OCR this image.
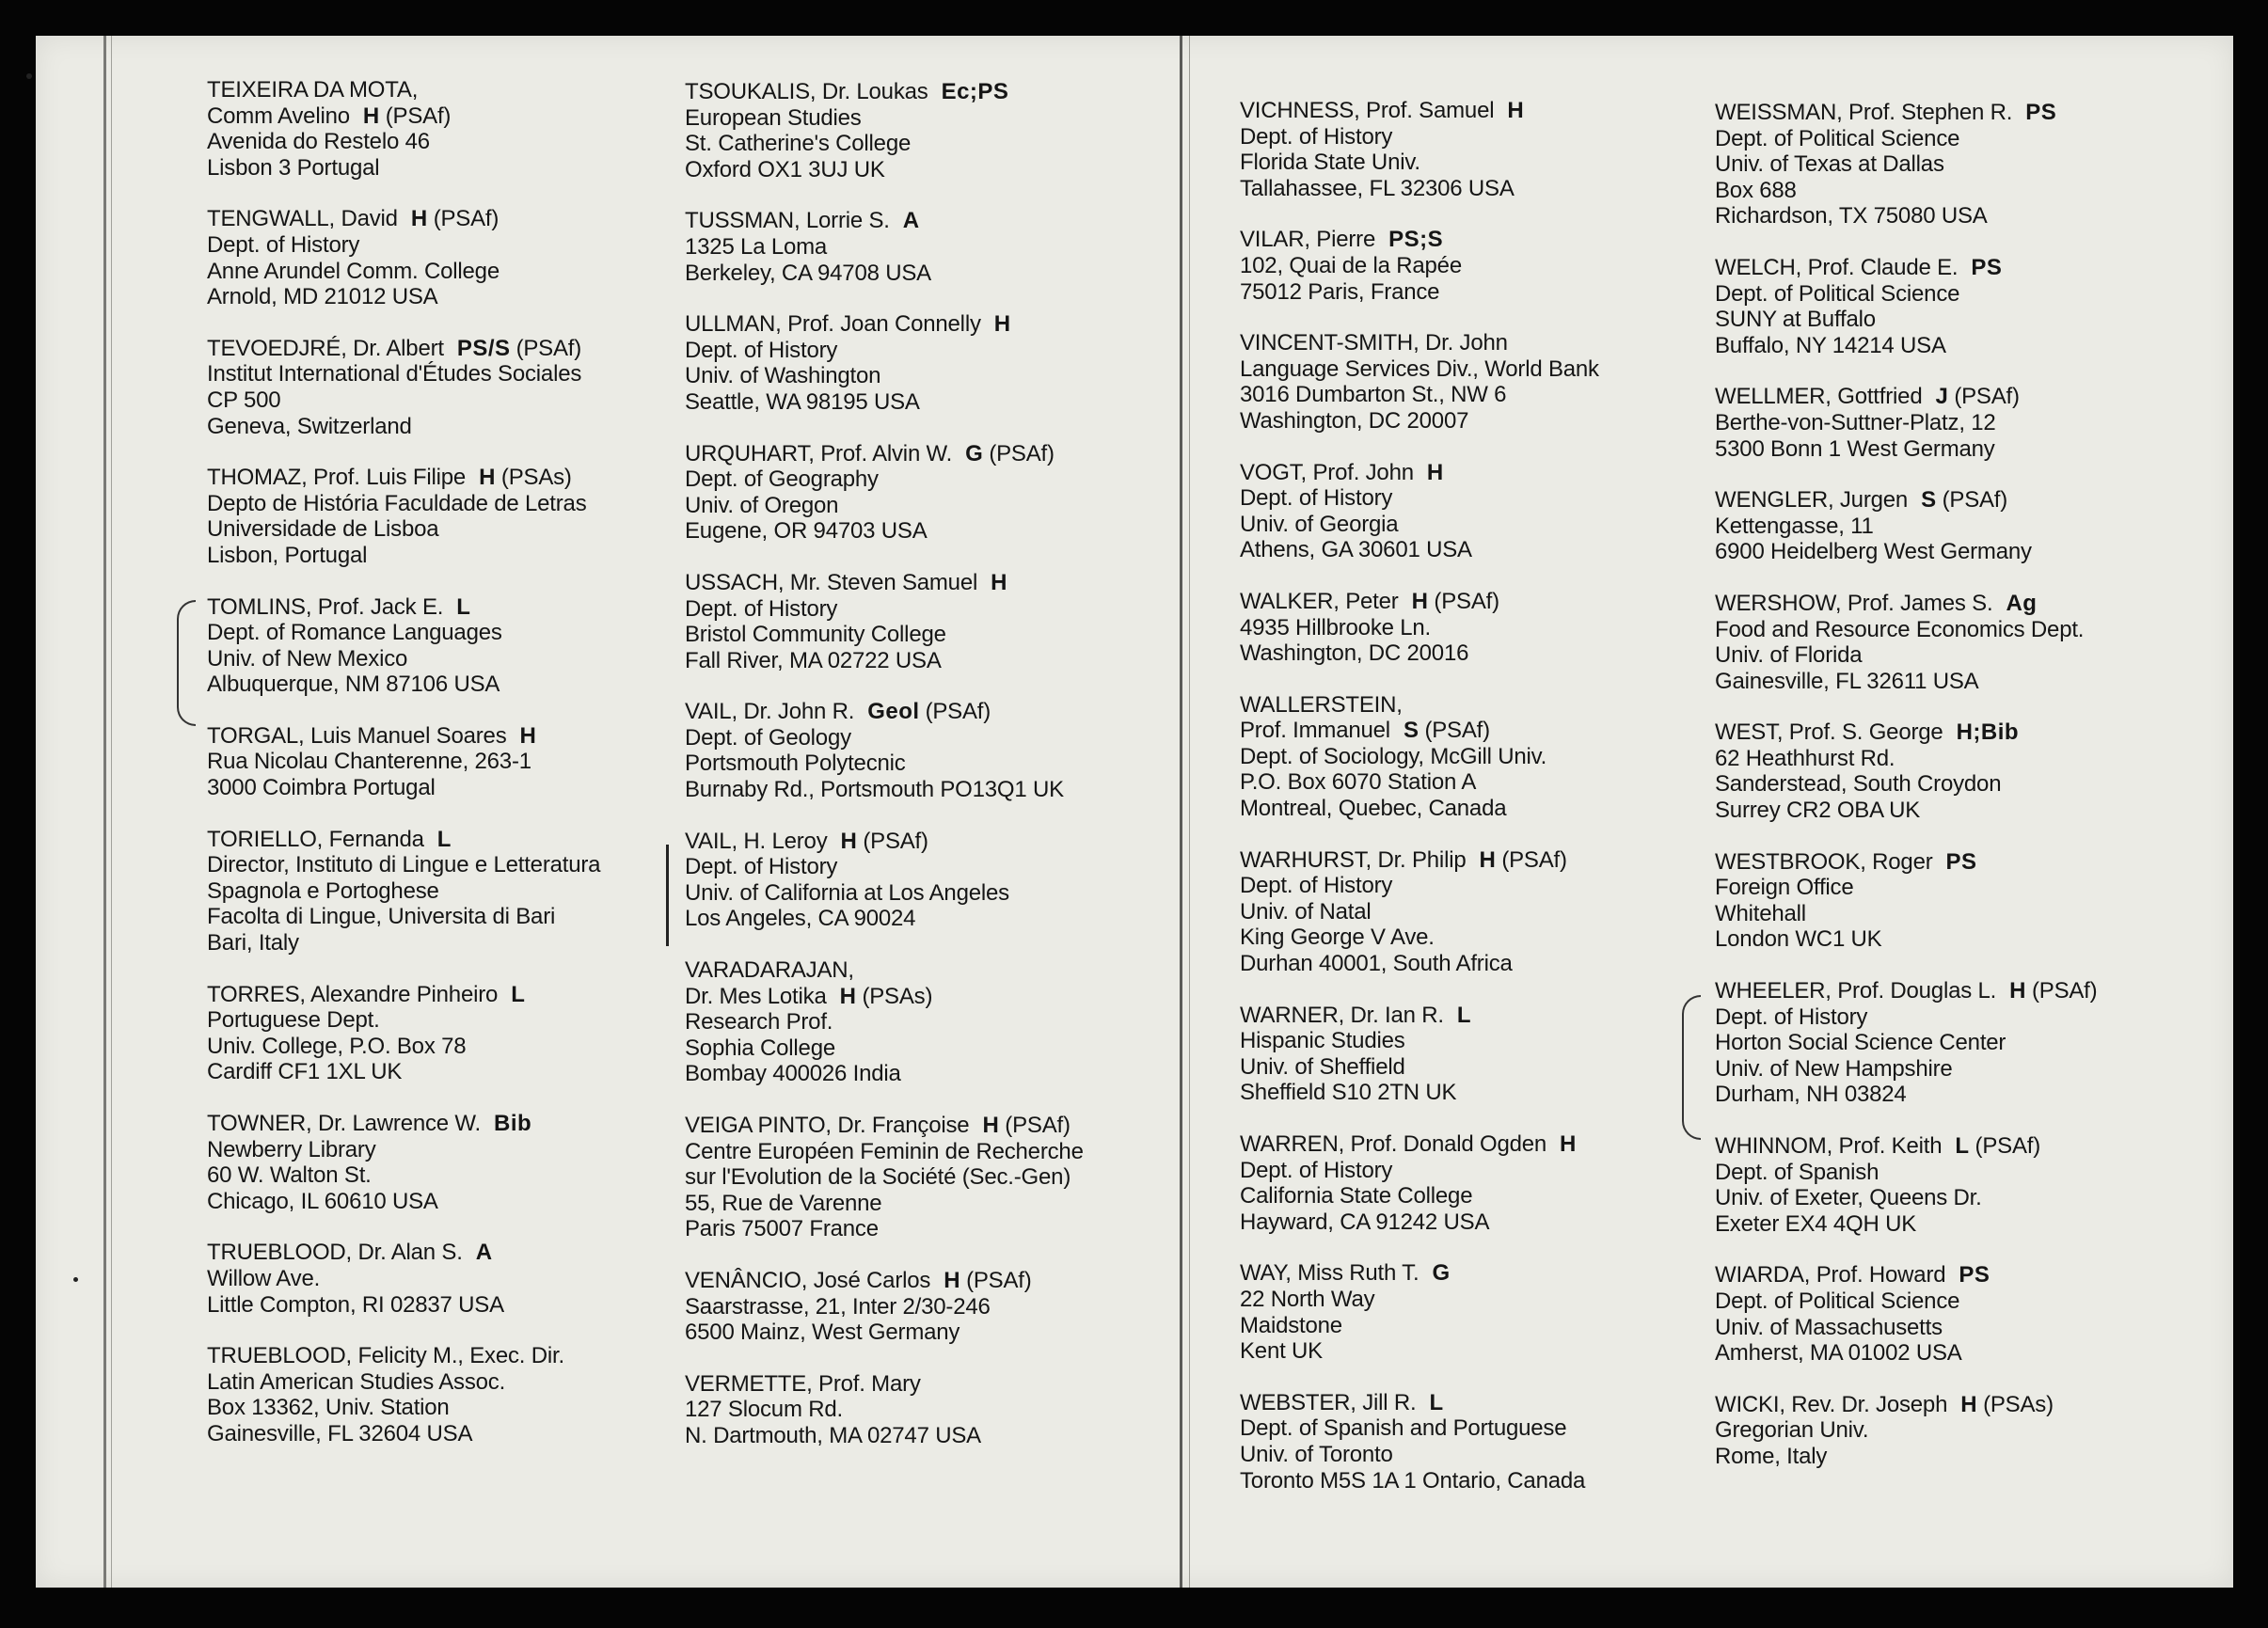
TEIXEIRA DA MOTA,
Comm Avelino H (PSAf)
Avenida do Restelo 46
Lisbon 3 Portugal
TENGWALL, David H (PSAf)
Dept. of History
Anne Arundel Comm. College
Arnold, MD 21012 USA
TEVOEDJRÉ, Dr. Albert PS/S (PSAf)
Institut International d'Études Sociales
CP 500
Geneva, Switzerland
THOMAZ, Prof. Luis Filipe H (PSAs)
Depto de História Faculdade de Letras
Universidade de Lisboa
Lisbon, Portugal
TOMLINS, Prof. Jack E. L
Dept. of Romance Languages
Univ. of New Mexico
Albuquerque, NM 87106 USA
TORGAL, Luis Manuel Soares H
Rua Nicolau Chanterenne, 263-1
3000 Coimbra Portugal
TORIELLO, Fernanda L
Director, Instituto di Lingue e Letteratura
Spagnola e Portoghese
Facolta di Lingue, Universita di Bari
Bari, Italy
TORRES, Alexandre Pinheiro L
Portuguese Dept.
Univ. College, P.O. Box 78
Cardiff CF1 1XL UK
TOWNER, Dr. Lawrence W. Bib
Newberry Library
60 W. Walton St.
Chicago, IL 60610 USA
TRUEBLOOD, Dr. Alan S. A
Willow Ave.
Little Compton, RI 02837 USA
TRUEBLOOD, Felicity M., Exec. Dir.
Latin American Studies Assoc.
Box 13362, Univ. Station
Gainesville, FL 32604 USA
TSOUKALIS, Dr. Loukas Ec;PS
European Studies
St. Catherine's College
Oxford OX1 3UJ UK
TUSSMAN, Lorrie S. A
1325 La Loma
Berkeley, CA 94708 USA
ULLMAN, Prof. Joan Connelly H
Dept. of History
Univ. of Washington
Seattle, WA 98195 USA
URQUHART, Prof. Alvin W. G (PSAf)
Dept. of Geography
Univ. of Oregon
Eugene, OR 94703 USA
USSACH, Mr. Steven Samuel H
Dept. of History
Bristol Community College
Fall River, MA 02722 USA
VAIL, Dr. John R. Geol (PSAf)
Dept. of Geology
Portsmouth Polytecnic
Burnaby Rd., Portsmouth PO13Q1 UK
VAIL, H. Leroy H (PSAf)
Dept. of History
Univ. of California at Los Angeles
Los Angeles, CA 90024
VARADARAJAN,
Dr. Mes Lotika H (PSAs)
Research Prof.
Sophia College
Bombay 400026 India
VEIGA PINTO, Dr. Françoise H (PSAf)
Centre Européen Feminin de Recherche
sur l'Evolution de la Société (Sec.-Gen)
55, Rue de Varenne
Paris 75007 France
VENÂNCIO, José Carlos H (PSAf)
Saarstrasse, 21, Inter 2/30-246
6500 Mainz, West Germany
VERMETTE, Prof. Mary
127 Slocum Rd.
N. Dartmouth, MA 02747 USA
VICHNESS, Prof. Samuel H
Dept. of History
Florida State Univ.
Tallahassee, FL 32306 USA
VILAR, Pierre PS;S
102, Quai de la Rapée
75012 Paris, France
VINCENT-SMITH, Dr. John
Language Services Div., World Bank
3016 Dumbarton St., NW 6
Washington, DC 20007
VOGT, Prof. John H
Dept. of History
Univ. of Georgia
Athens, GA 30601 USA
WALKER, Peter H (PSAf)
4935 Hillbrooke Ln.
Washington, DC 20016
WALLERSTEIN,
Prof. Immanuel S (PSAf)
Dept. of Sociology, McGill Univ.
P.O. Box 6070 Station A
Montreal, Quebec, Canada
WARHURST, Dr. Philip H (PSAf)
Dept. of History
Univ. of Natal
King George V Ave.
Durhan 40001, South Africa
WARNER, Dr. Ian R. L
Hispanic Studies
Univ. of Sheffield
Sheffield S10 2TN UK
WARREN, Prof. Donald Ogden H
Dept. of History
California State College
Hayward, CA 91242 USA
WAY, Miss Ruth T. G
22 North Way
Maidstone
Kent UK
WEBSTER, Jill R. L
Dept. of Spanish and Portuguese
Univ. of Toronto
Toronto M5S 1A 1 Ontario, Canada
WEISSMAN, Prof. Stephen R. PS
Dept. of Political Science
Univ. of Texas at Dallas
Box 688
Richardson, TX 75080 USA
WELCH, Prof. Claude E. PS
Dept. of Political Science
SUNY at Buffalo
Buffalo, NY 14214 USA
WELLMER, Gottfried J (PSAf)
Berthe-von-Suttner-Platz, 12
5300 Bonn 1 West Germany
WENGLER, Jurgen S (PSAf)
Kettengasse, 11
6900 Heidelberg West Germany
WERSHOW, Prof. James S. Ag
Food and Resource Economics Dept.
Univ. of Florida
Gainesville, FL 32611 USA
WEST, Prof. S. George H;Bib
62 Heathhurst Rd.
Sanderstead, South Croydon
Surrey CR2 OBA UK
WESTBROOK, Roger PS
Foreign Office
Whitehall
London WC1 UK
WHEELER, Prof. Douglas L. H (PSAf)
Dept. of History
Horton Social Science Center
Univ. of New Hampshire
Durham, NH 03824
WHINNOM, Prof. Keith L (PSAf)
Dept. of Spanish
Univ. of Exeter, Queens Dr.
Exeter EX4 4QH UK
WIARDA, Prof. Howard PS
Dept. of Political Science
Univ. of Massachusetts
Amherst, MA 01002 USA
WICKI, Rev. Dr. Joseph H (PSAs)
Gregorian Univ.
Rome, Italy
